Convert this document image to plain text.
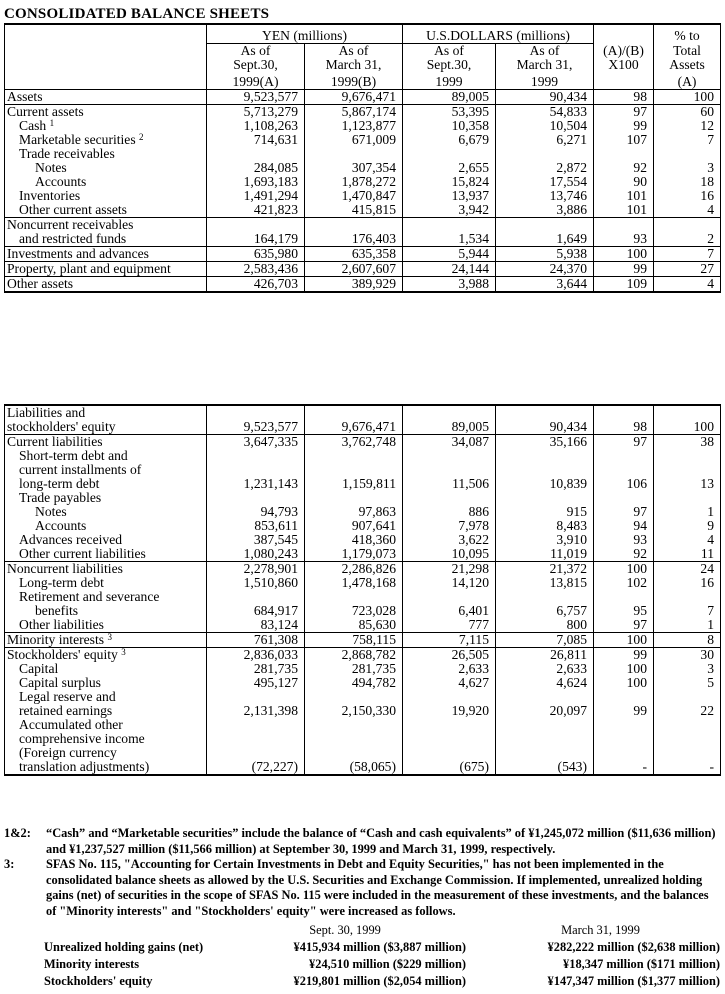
CONSOLIDATED BALANCE SHEETS
	YEN (millions)		U.S.DOLLARS (millions)			% to
	As of	As of	As of	As of	(A)/(B)	Total
	Sept.30,	March 31,	Sept.30,	March 31,	X100	Assets
	1999(A)	1999(B)	1999	1999		(A)
Assets	9,523,577	9,676,471	89,005	90,434	98	100
Current assets	5,713,279	5,867,174	53,395	54,833	97	60
Cash $^1$	1,108,263	1,123,877	10,358	10,504	99	12
Marketable securities $^2$	714,631	671,009	6,679	6,271	107	7
Trade receivables						
Notes	284,085	307,354	2,655	2,872	92	3
Accounts	1,693,183	1,878,272	15,824	17,554	90	18
Inventories	1,491,294	1,470,847	13,937	13,746	101	16
Other current assets	421,823	415,815	3,942	3,886	101	4
Noncurrent receivables						
and restricted funds	164,179	176,403	1,534	1,649	93	2
Investments and advances	635,980	635,358	5,944	5,938	100	7
Property, plant and equipment	2,583,436	2,607,607	24,144	24,370	99	27
Other assets	426,703	389,929	3,988	3,644	109	4
Liabilities and						
stockholders' equity	9,523,577	9,676,471	89,005	90,434	98	100
Current liabilities	3,647,335	3,762,748	34,087	35,166	97	38
Short-term debt and						
current installments of						
long-term debt	1,231,143	1,159,811	11,506	10,839	106	13
Trade payables						
Notes	94,793	97,863	886	915	97	1
Accounts	853,611	907,641	7,978	8,483	94	9
Advances received	387,545	418,360	3,622	3,910	93	4
Other current liabilities	1,080,243	1,179,073	10,095	11,019	92	11
Noncurrent liabilities	2,278,901	2,286,826	21,298	21,372	100	24
Long-term debt	1,510,860	1,478,168	14,120	13,815	102	16
Retirement and severance						
benefits	684,917	723,028	6,401	6,757	95	7
Other liabilities	83,124	85,630	777	800	97	1
Minority interests $^3$	761,308	758,115	7,115	7,085	100	8
Stockholders' equity $^3$	2,836,033	2,868,782	26,505	26,811	99	30
Capital	281,735	281,735	2,633	2,633	100	3
Capital surplus	495,127	494,782	4,627	4,624	100	5
Legal reserve and						
retained earnings	2,131,398	2,150,330	19,920	20,097	99	22
Accumulated other						
comprehensive income						
(Foreign currency						
translation adjustments)	(72,227)	(58,065)	(675)	(543)	-	-
1&2:	“Cash” and “Marketable securities” include the balance of “Cash and cash equivalents” of ¥1,245,072 million ($11,636 million) and ¥1,237,527 million ($11,566 million) at September 30, 1999 and March 31, 1999, respectively.
3:	SFAS No. 115, "Accounting for Certain Investments in Debt and Equity Securities," has not been implemented in the consolidated balance sheets as allowed by the U.S. Securities and Exchange Commission. If implemented, unrealized holding gains (net) of securities in the scope of SFAS No. 115 were included in the measurement of these investments, and the balances of "Minority interests" and "Stockholders' equity" were increased as follows.
Sept. 30, 1999	March 31, 1999
Unrealized holding gains (net)	¥415,934 million ($3,887 million)	¥282,222 million ($2,638 million)
Minority interests	¥24,510 million ($229 million)	¥18,347 million ($171 million)
Stockholders' equity	¥219,801 million ($2,054 million)	¥147,347 million ($1,377 million)
